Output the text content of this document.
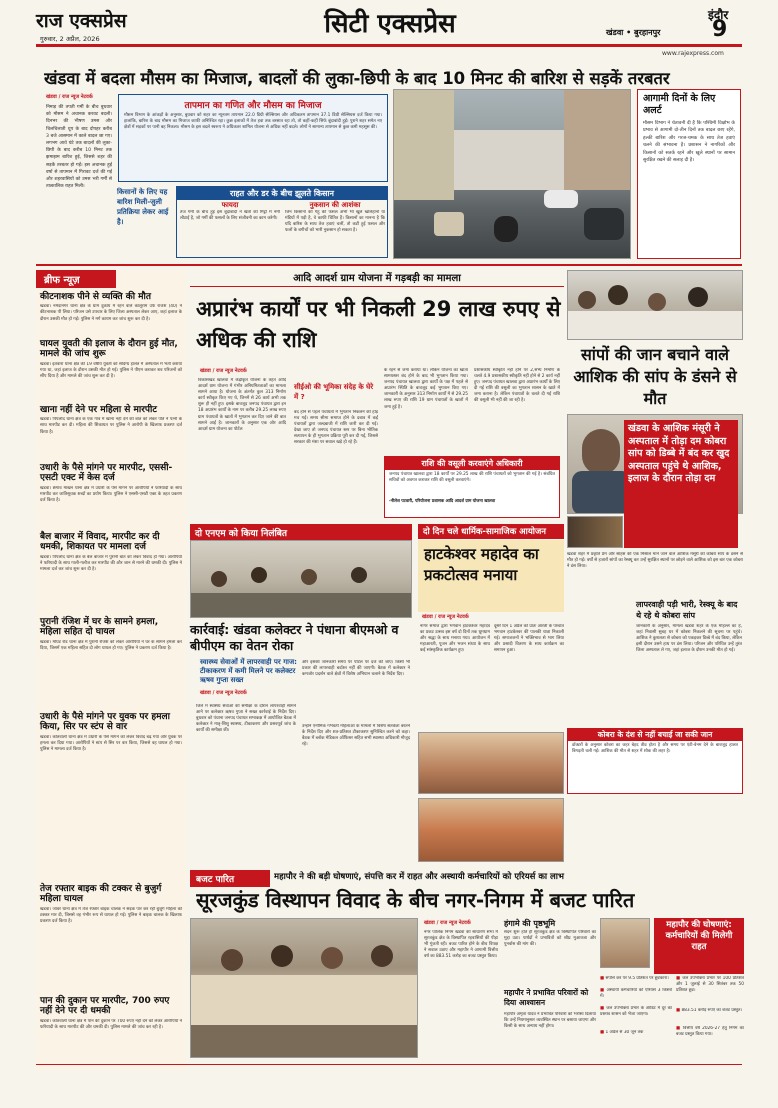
राज एक्सप्रेस
गुरुवार, 2 अप्रैल, 2026	सिटी एक्सप्रेस	खंडवा • बुरहानपुर
इंदौर
9
www.rajexpress.com
खंडवा में बदला मौसम का मिजाज, बादलों की लुका-छिपी के बाद 10 मिनट की बारिश से सड़कें तरबतर
खंडवा / राज न्यूज नेटवर्क
निमाड़ की तपती गर्मी के बीच बुधवार को मौसम ने अचानक करवट बदली। दिनभर की भीषण उमस और चिलचिलाती धूप के बाद दोपहर करीब 3 बजे आसमान में काले बादल छा गए। लगभग आधे घंटे तक बादलों की लुका-छिपी के बाद करीब 10 मिनट तक झमाझम बारिश हुई, जिससे शहर की सड़कें तरबतर हो गईं। इस अचानक हुई वर्षा से तापमान में गिरावट दर्ज की गई और शहरवासियों को उमस भरी गर्मी से तात्कालिक राहत मिली।
तापमान का गणित और मौसम का मिजाज
मौसम विभाग के आंकड़ों के अनुसार, बुधवार को शहर का न्यूनतम तापमान 22.0 डिग्री सेल्सियस और अधिकतम तापमान 37.1 डिग्री सेल्सियस दर्ज किया गया। हालांकि, बारिश के बाद मौसम का मिजाज काफी अनिश्चित रहा। कुछ इलाकों में तेज हवा तक बरसात रहा तो, तो कहीं-कहीं सिर्फ बूंदाबांदी हुई। पुराने शहर समेत नए क्षेत्रों में सड़कों पर पानी बह निकला। मौसम के इस बदले स्वरूप ने अधिकतर शामिल योजना से अधिक नहीं बदले। लोगों ने सामान्य तापमान से कुछ कमी महसूस की।
किसानों के लिए यह बारिश मिली-जुली प्रतिक्रिया लेकर आई है।
राहत और डर के बीच झूलते किसान
फायदा
तेज गर्मी के बीच हुई इस बूंदाबांदी ने खेतों की मिट्टी में नमी लौटाई है, जो गर्मी की फसलों के लिए संजीवनी का काम करेगी।
नुकसान की आशंका
जिन किसानों की गेहूं की फसल अभी भी खुले खलिहानों या मंडियों में पड़ी है, वे काफी चिंतित हैं। किसानों का मानना है कि यदि बारिश के साथ तेज हवाएं चलीं, तो कटी हुई फसल और फलों के बगीचों को भारी नुकसान हो सकता है।
आगामी दिनों के लिए अलर्ट
मौसम विभाग ने चेतावनी दी है कि पश्चिमी विक्षोभ के प्रभाव से आगामी दो-तीन दिनों तक बादल छाए रहेंगे, हल्की बारिश और गरज-चमक के साथ तेज हवाएं चलने की संभावना है। प्रशासन ने नागरिकों और किसानों को सतर्क रहने और खुले स्थानों पर सामान सुरक्षित रखने की सलाह दी है।
ब्रीफ न्यूज़
कीटनाशक पीने से व्यक्ति की मौत
खंडवा। नर्मदानगर थाना क्षेत्र के ग्राम दुकाय में रहने वाले कालूराम उर्फ राजेश (40) ने कीटनाशक पी लिया। परिजन उसे उपचार के लिए जिला अस्पताल लेकर आए, जहां इलाज के दौरान उसकी मौत हो गई। पुलिस ने मर्ग कायम कर जांच शुरू कर दी है।
घायल युवती की इलाज के दौरान हुई मौत, मामले की जांच शुरू
खंडवा। इतवारा थाना क्षेत्र की 19 वर्षीय युवती को संदिग्ध हालत में अस्पताल में भर्ती कराया गया था, जहां इलाज के दौरान उसकी मौत हो गई। पुलिस ने पीएम कराकर शव परिजनों को सौंप दिया है और मामले की जांच शुरू कर दी है।
खाना नहीं देने पर महिला से मारपीट
खंडवा। पिपलोद थाना क्षेत्र के एक गांव में खाना नहीं देने की बात को लेकर पति ने पत्नी के साथ मारपीट कर दी। महिला की शिकायत पर पुलिस ने आरोपी के खिलाफ प्रकरण दर्ज किया है।
उधारी के पैसे मांगने पर मारपीट, एससी-एसटी एक्ट में केस दर्ज
खंडवा। छैगांव माखन थाना क्षेत्र में उधारी के पैसे मांगने पर आरोपियों ने फरियादी के साथ मारपीट कर जातिसूचक शब्दों का प्रयोग किया। पुलिस ने एससी-एसटी एक्ट के तहत प्रकरण दर्ज किया है।
बैल बाजार में विवाद, मारपीट कर दी धमकी, शिकायत पर मामला दर्ज
खंडवा। पिपलोद थाना क्षेत्र के बैल बाजार में पुरानी बात को लेकर विवाद हो गया। आरोपियों ने फरियादी के साथ गाली-गलौज कर मारपीट की और जान से मारने की धमकी दी। पुलिस ने मामला दर्ज कर जांच शुरू कर दी है।
पुरानी रंजिश में घर के सामने हमला, महिला सहित दो घायल
खंडवा। मोघट रोड थाना क्षेत्र में पुरानी रंजिश को लेकर आरोपियों ने घर के सामने हमला कर दिया, जिसमें एक महिला सहित दो लोग घायल हो गए। पुलिस ने प्रकरण दर्ज किया है।
उधारी के पैसे मांगने पर युवक पर हमला किया, सिर पर स्टंप से वार
खंडवा। कोतवाली थाना क्षेत्र में उधारी के पैसे मांगने को लेकर विवाद बढ़ गया और युवक पर हमला कर दिया गया। आरोपियों ने स्टंप से सिर पर वार किया, जिससे वह घायल हो गया। पुलिस ने मामला दर्ज किया है।
तेज रफ्तार बाइक की टक्कर से बुजुर्ग महिला घायल
खंडवा। जावर थाना क्षेत्र में तेज रफ्तार बाइक चालक ने सड़क पार कर रही बुजुर्ग महिला को टक्कर मार दी, जिससे वह गंभीर रूप से घायल हो गई। पुलिस ने बाइक चालक के खिलाफ प्रकरण दर्ज किया है।
पान की दुकान पर मारपीट, 700 रुपए नहीं देने पर दी धमकी
खंडवा। कोतवाली थाना क्षेत्र में पान की दुकान पर 700 रुपए नहीं देने को लेकर आरोपियों ने फरियादी के साथ मारपीट की और धमकी दी। पुलिस मामले की जांच कर रही है।
आदि आदर्श ग्राम योजना में गड़बड़ी का मामला
अप्रारंभ कार्यों पर भी निकली 29 लाख रुपए से अधिक की राशि
खंडवा / राज न्यूज नेटवर्क
विकासखंड खालवा में केंद्रीकृत योजना के तहत आदि आदर्श ग्राम योजना में गंभीर अनियमितताओं का मामला सामने आया है। योजना के अंतर्गत कुल 313 निर्माण कार्य स्वीकृत किए गए थे, जिनमें से 26 कार्य अभी तक शुरू ही नहीं हुए। इसके बावजूद जनपद पंचायत द्वारा इन 18 अप्रारंभ कार्यों के नाम पर करीब 29.25 लाख रुपए ग्राम पंचायतों के खातों में भुगतान कर दिए जाने की बात सामने आई है। जानकारों के अनुसार एक ओर आदि आदर्श ग्राम योजना का पोर्टल
सीईओ की भूमिका संदेह के घेरे में ?
बंद होने से पहले पंचायतों में भुगतान निकलने की होड़ मच गई। समय सीमा समाप्त होने के दबाव में कई पंचायतों द्वारा जल्दबाजी में राशि जारी कर दी गई। देखा जाए तो जनपद पंचायत स्तर पर बिना भौतिक सत्यापन के ही भुगतान प्रक्रिया पूरी कर दी गई, जिससे सरकार की मंशा पर सवाल खड़े हो रहे हैं।
के रहने से जमा कराया था। लेकिन योजना का खाता सामयस्तर बंद होने के बाद भी भुगतान किया गया। जनपद पंचायत खालवा द्वारा कार्यों के पक्ष में पहले से अप्रारंभ स्थिति के बावजूद कई भुगतान किए गए। जानकारी के अनुसार 313 निर्माण कार्यों में से 29.25 लाख रुपए की राशि 19 ग्राम पंचायतों के खातों में जमा हुई है।
प्रशासकीय स्वीकृति नहीं होने पर 2,सभ्य निर्माण के चलते 4.9 प्रशासकीय स्वीकृति नहीं होने से 2 कार्य नहीं हुए। जनपद पंचायत खालवा द्वारा अप्रारंभ कार्यों के लिए दी गई राशि की वसूली का भुगतान शासन के खाते में जमा कराना है। लेकिन पंचायतों के चलते दी गई राशि की वसूली भी नहीं की जा रही है।
राशि की वसूली करवाएंगे अधिकारी
जनपद पंचायत खालवा द्वारा 18 कार्यों पर 29.25 लाख की राशि पंचायतों को भुगतान की गई है। संबंधित सचिवों को अवगत कराकर राशि की वसूली करवाएंगे।
-नीलेश पटवारी, परियोजना प्रशासक आदि आदर्श ग्राम योजना खालवा
सांपों की जान बचाने वाले आशिक की सांप के डंसने से मौत
खंडवा के आशिक मंसूरी ने अस्पताल में तोड़ा दम कोबरा सांप को डिब्बे में बंद कर खुद अस्पताल पहुंचे थे आशिक, इलाज के दौरान तोड़ा दम
खंडवा शहर में प्रकृति प्रेम और साहस की एक मिसाल माने जाने वाले आशिक मंसूरी की कोबरा सांप के डंसने से मौत हो गई। वर्षों से हजारों सांपों का रेस्क्यू कर उन्हें सुरक्षित स्थानों पर छोड़ने वाले आशिक को इस बार एक कोबरा ने डंस लिया।
लापरवाही पड़ी भारी, रेस्क्यू के बाद थे रहे थे कोबरा सांप
जानकारी के अनुसार, मामला खंडवा शहर के एक मोहल्ले का है, जहां निवासी सुबह घर में कोबरा निकलने की सूचना पर पहुंचे। आशिक ने कुशलता से कोबरा को पकड़कर डिब्बे में बंद किया, लेकिन इसी दौरान उसने हाथ पर डंस लिया। परिजन और परिचित उन्हें तुरंत जिला अस्पताल ले गए, जहां इलाज के दौरान उनकी मौत हो गई।
कोबरा के दंश से नहीं बचाई जा सकी जान
डॉक्टरों के अनुसार कोबरा का जहर बेहद तीव्र होता है और समय पर एंटी-वेनम देने के बावजूद हालत बिगड़ती चली गई। आशिक की मौत से शहर में शोक की लहर है।
दो एनएम को किया निलंबित
कार्रवाई: खंडवा कलेक्टर ने पंधाना बीएमओ व बीपीएम का वेतन रोका
स्वास्थ्य सेवाओं में लापरवाही पर गाज: टीकाकरण में कमी मिलने पर कलेक्टर ऋषव गुप्ता सख्त
खंडवा / राज न्यूज नेटवर्क
जिले में स्वास्थ्य सेवाओं की समीक्षा के दौरान लापरवाही सामने आने पर कलेक्टर ऋषव गुप्ता ने सख्त कार्रवाई के निर्देश दिए। बुधवार को पंधाना जनपद पंचायत सभाकक्ष में आयोजित बैठक में कलेक्टर ने मातृ-शिशु स्वास्थ्य, टीकाकरण और प्रसवपूर्व जांच के कार्यों की समीक्षा की।
और इसकी जानकारी समय पर पोर्टल पर दर्ज की जाए। किसी भी प्रकार की लापरवाही बर्दाश्त नहीं की जाएगी। बैठक में कलेक्टर ने कमजोर प्रदर्शन वाले क्षेत्रों में विशेष अभियान चलाने के निर्देश दिए।
उन्होंने एनीमिक गर्भवती महिलाओं के मामलों में विशेष सतर्कता बरतने के निर्देश दिए और शत-प्रतिशत टीकाकरण सुनिश्चित करने को कहा। बैठक में ब्लॉक मेडिकल ऑफिसर सहित सभी स्वास्थ्य अधिकारी मौजूद रहे।
दो दिन चले धार्मिक-सामाजिक आयोजन
हाटकेश्वर महादेव का प्रकटोत्सव मनाया
खंडवा / राज न्यूज नेटवर्क
नागर समाज द्वारा भगवान हाटकेश्वर महादेव का प्रकट उत्सव इस वर्ष दो दिनों तक धूमधाम और श्रद्धा के साथ मनाया गया। आयोजन में महाआरती, पूजन और भजन संध्या के साथ कई सांस्कृतिक कार्यक्रम हुए।
दूसरे दिन 1 अप्रैल को प्रातः आरती के पश्चात भगवान हाटकेश्वर की पालकी यात्रा निकाली गई। समाजजनों ने भक्तिभाव से भाग लिया और प्रसादी वितरण के साथ कार्यक्रम का समापन हुआ।
बजट पारित	महापौर ने की बड़ी घोषणाएं, संपत्ति कर में राहत और अस्थायी कर्मचारियों को एरियर्स का लाभ
सूरजकुंड विस्थापन विवाद के बीच नगर-निगम में बजट पारित
खंडवा / राज न्यूज नेटवर्क
नगर पालिक निगम खंडवा की साधारण सभा में सूरजकुंड क्षेत्र के विस्थापित रहवासियों की पीड़ा भी गूंजती रही। बजट पारित होने के बीच विपक्ष ने सवाल उठाए और महापौर ने आगामी वित्तीय वर्ष का 883.51 करोड़ का बजट प्रस्तुत किया।
हंगामे की पृष्ठभूमि
सदन शुरू होते ही सूरजकुंड क्षेत्र के विस्थापित परिवारों का मुद्दा उठा। पार्षदों ने प्रभावितों को शीघ्र मुआवजा और पुनर्वास की मांग की।
महापौर ने प्रभावित परिवारों को दिया आश्वासन
महापौर अमृता यादव ने प्रभावित परिवारों को भरोसा दिलाया कि उन्हें नियमानुसार व्यवस्थित स्थान पर बसाया जाएगा और किसी के साथ अन्याय नहीं होगा।
महापौर की घोषणाएं: कर्मचारियों की मिलेगी राहत
■ संपत्ति कर पर 9.5 प्रतिशत पर छूटकारा।
■ अस्थायी कर्मचारियों को एरियर्स 3 किस्तों में।
■ जल उपभोक्ता प्रभार के ऑडिट में दूर का प्रस्ताव शासन को भेजा जाएगा।
■ 1 अप्रैल से 30 जून तक
■ जल उपभोक्ता प्रभार पर 100 प्रतिशत और 1 जुलाई से 30 सितंबर तक 50 प्रतिशत छूट।
■ 883.51 करोड़ रुपए का बजट प्रस्तुत।
■ वित्तीय वर्ष 2026-27 हेतु निगम का बजट प्रस्तुत किया गया।
